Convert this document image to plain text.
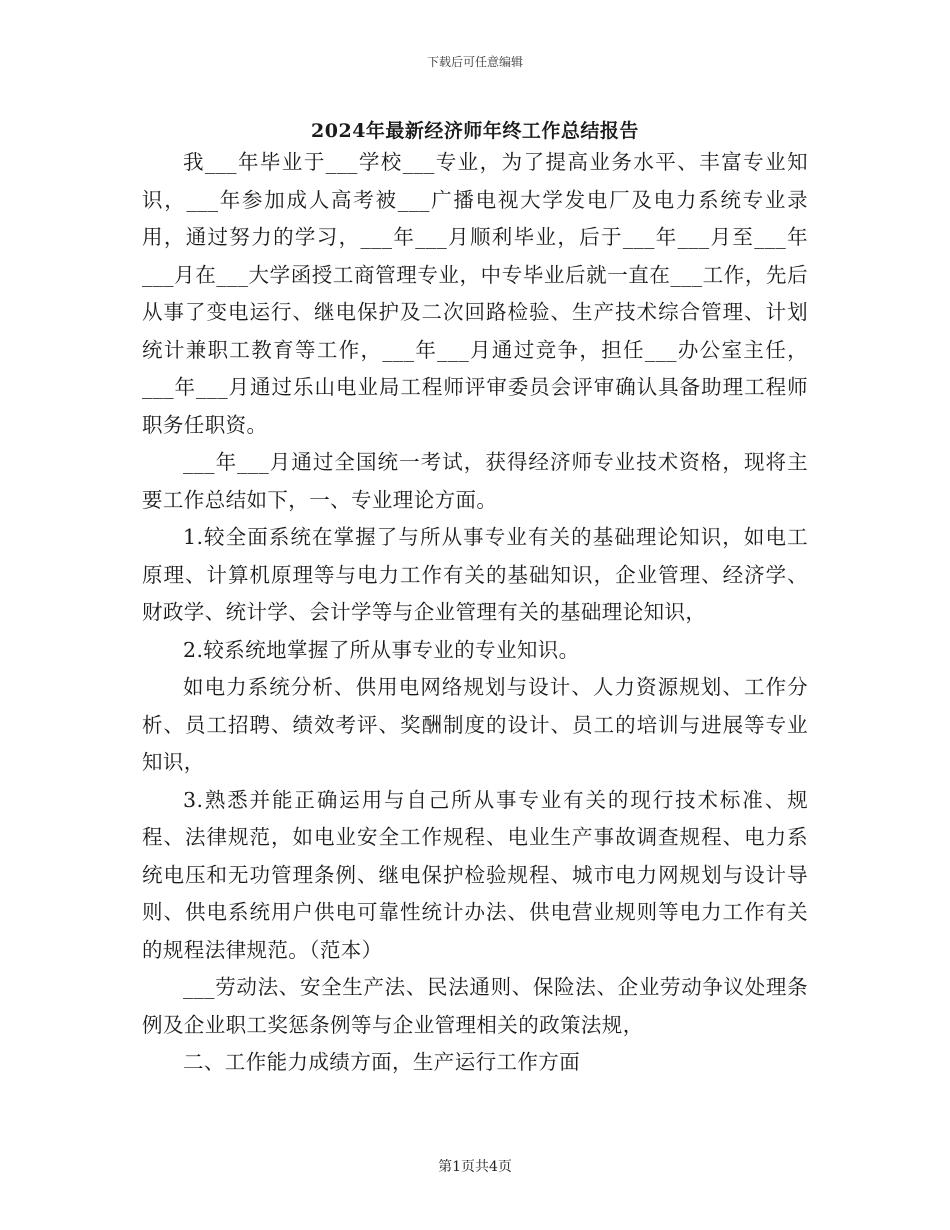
下载后可任意编辑
2024年最新经济师年终工作总结报告

我___年毕业于___学校___专业，为了提高业务水平、丰富专业知识，___年参加成人高考被___广播电视大学发电厂及电力系统专业录用，通过努力的学习，___年___月顺利毕业，后于___年___月至___年___月在___大学函授工商管理专业，中专毕业后就一直在___工作，先后从事了变电运行、继电保护及二次回路检验、生产技术综合管理、计划统计兼职工教育等工作，___年___月通过竞争，担任___办公室主任，___年___月通过乐山电业局工程师评审委员会评审确认具备助理工程师职务任职资。

___年___月通过全国统一考试，获得经济师专业技术资格，现将主要工作总结如下，一、专业理论方面。

1.较全面系统在掌握了与所从事专业有关的基础理论知识，如电工原理、计算机原理等与电力工作有关的基础知识，企业管理、经济学、财政学、统计学、会计学等与企业管理有关的基础理论知识，

2.较系统地掌握了所从事专业的专业知识。

如电力系统分析、供用电网络规划与设计、人力资源规划、工作分析、员工招聘、绩效考评、奖酬制度的设计、员工的培训与进展等专业知识，

3.熟悉并能正确运用与自己所从事专业有关的现行技术标准、规程、法律规范，如电业安全工作规程、电业生产事故调查规程、电力系统电压和无功管理条例、继电保护检验规程、城市电力网规划与设计导则、供电系统用户供电可靠性统计办法、供电营业规则等电力工作有关的规程法律规范。（范本）

___劳动法、安全生产法、民法通则、保险法、企业劳动争议处理条例及企业职工奖惩条例等与企业管理相关的政策法规，

二、工作能力成绩方面，生产运行工作方面

第1页共4页
